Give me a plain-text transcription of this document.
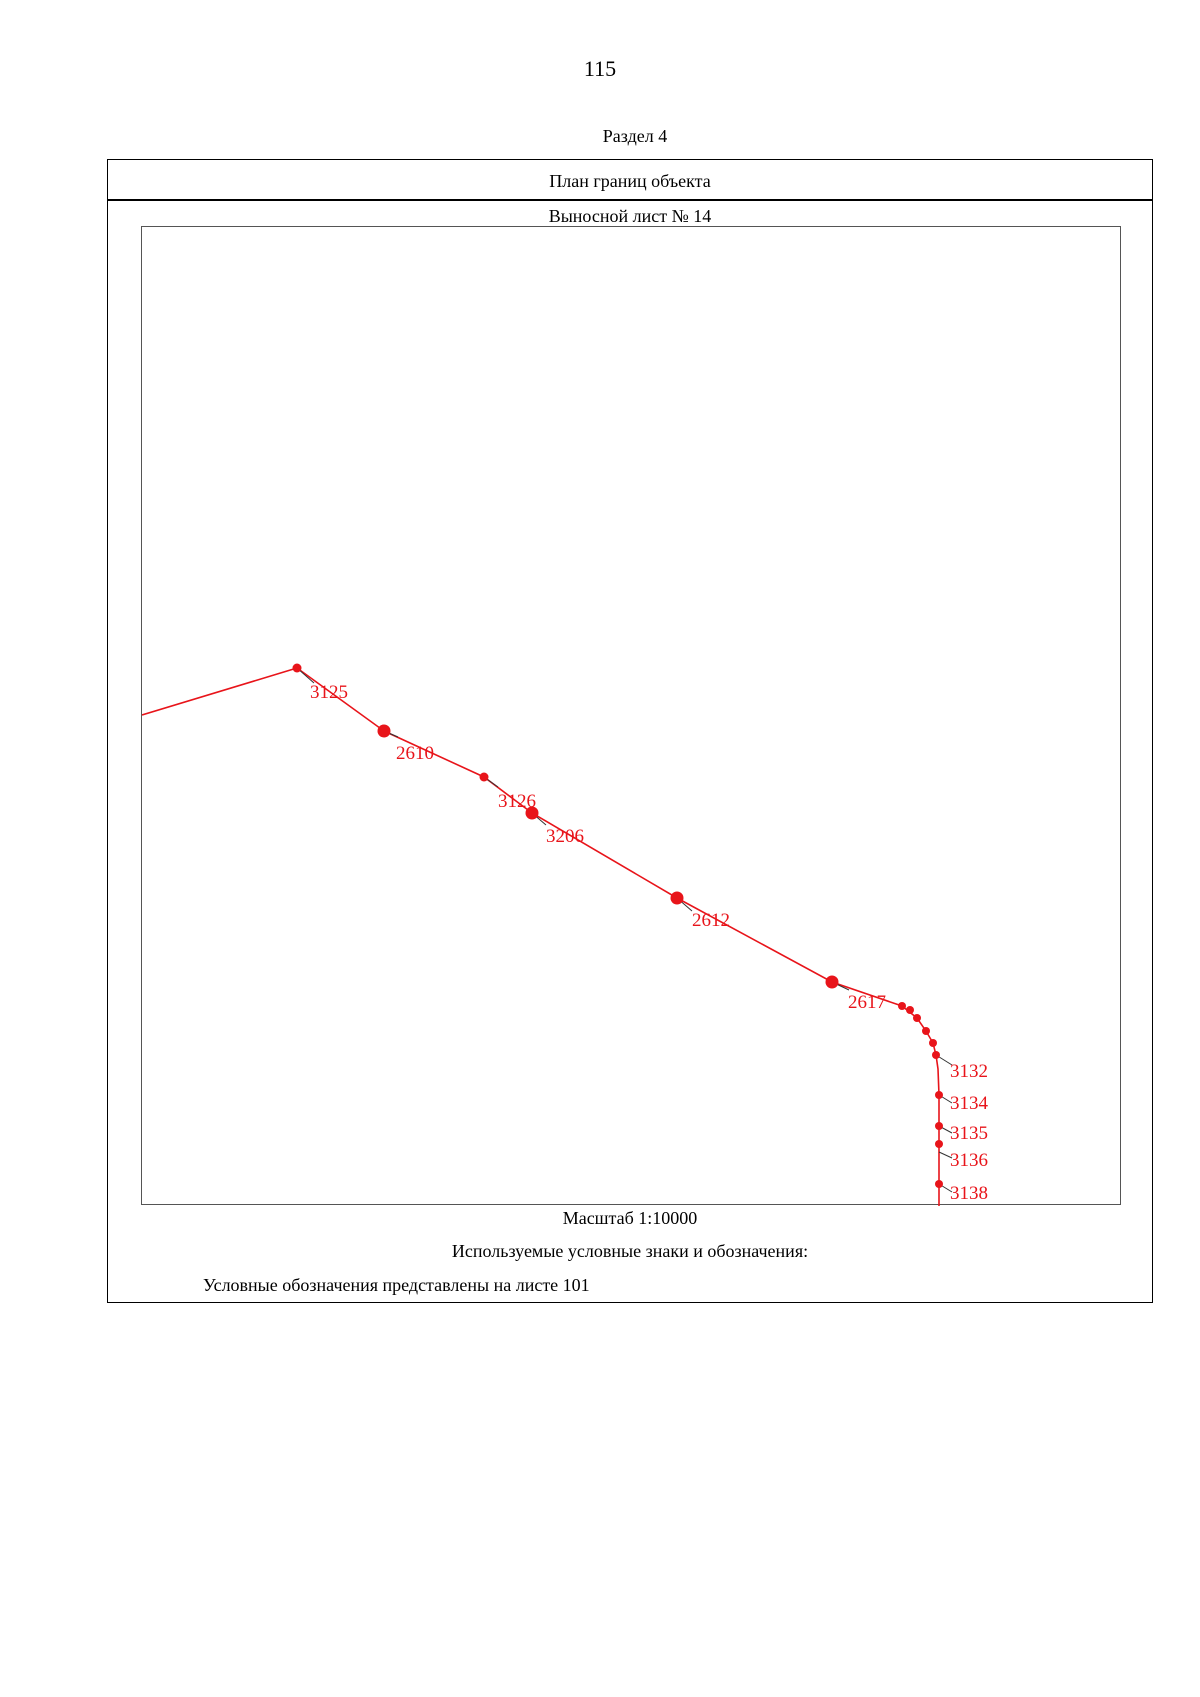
115
Раздел 4
План границ объекта
Выносной лист № 14
3125
2610
3126
3206
2612
2617
3132
3134
3135
3136
3138
Масштаб 1:10000
Используемые условные знаки и обозначения:
Условные обозначения представлены на листе 101
